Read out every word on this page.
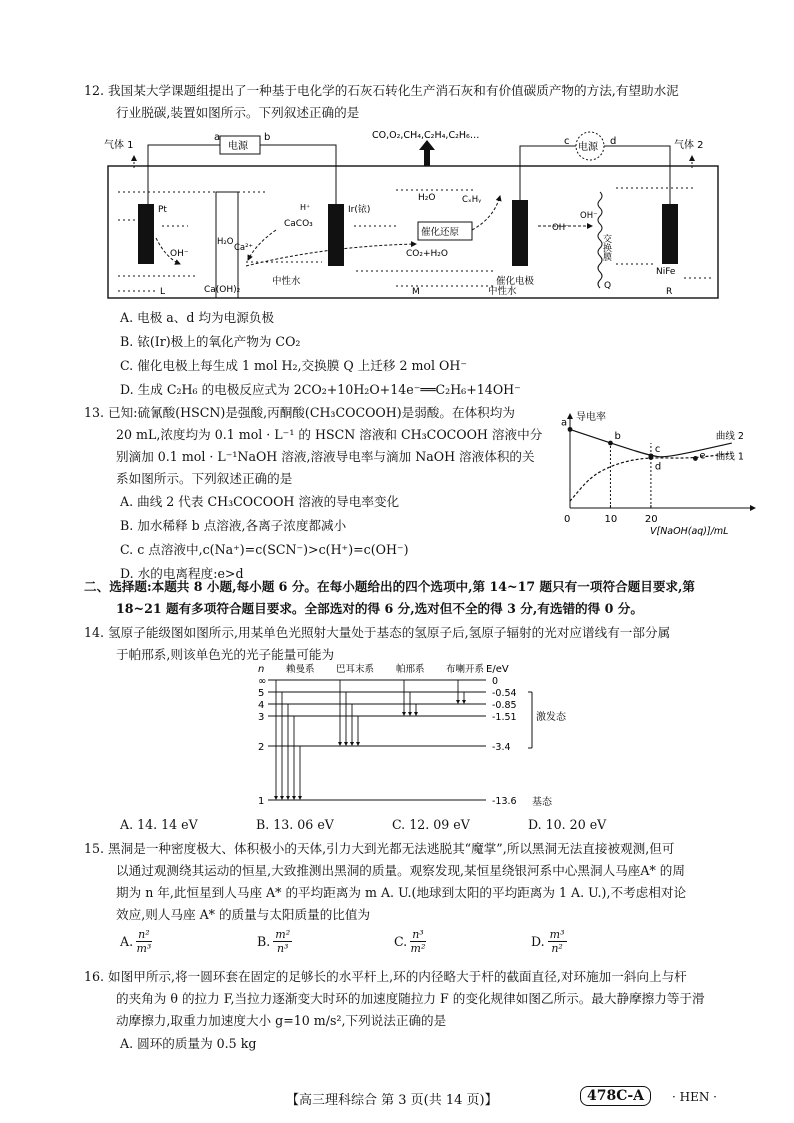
12. 我国某大学课题组提出了一种基于电化学的石灰石转化生产消石灰和有价值碳质产物的方法,有望助水泥

行业脱碳,装置如图所示。下列叙述正确的是

CO,O₂,CH₄,C₂H₄,C₂H₆…
电源
a	b
气体 1
Pt
OH⁻
L
H₂O
Ca(OH)₂
Ir(铱)
H⁺
CaCO₃
Ca²⁺
中性水
H₂O
催化还原
CO₂+H₂O
CₓHᵧ
M
催化电极
中性水
OH⁻
OH⁻
交换膜
Q
电源
c	d
NiFe
R
气体 2

A. 电极 a、d 均为电源负极

B. 铱(Ir)极上的氧化产物为 CO₂

C. 催化电极上每生成 1 mol H₂,交换膜 Q 上迁移 2 mol OH⁻

D. 生成 C₂H₆ 的电极反应式为 2CO₂+10H₂O+14e⁻══C₂H₆+14OH⁻

13. 已知:硫氰酸(HSCN)是强酸,丙酮酸(CH₃COCOOH)是弱酸。在体积均为

20 mL,浓度均为 0.1 mol · L⁻¹ 的 HSCN 溶液和 CH₃COCOOH 溶液中分

别滴加 0.1 mol · L⁻¹NaOH 溶液,溶液导电率与滴加 NaOH 溶液体积的关

系如图所示。下列叙述正确的是

A. 曲线 2 代表 CH₃COCOOH 溶液的导电率变化

B. 加水稀释 b 点溶液,各离子浓度都减小

C. c 点溶液中,c(Na⁺)=c(SCN⁻)>c(H⁺)=c(OH⁻)

D. 水的电离程度:e>d

导电率
0
V[NaOH(aq)]/mL
10	20
曲线 2
曲线 1
a
b
c
d
e

二、选择题:本题共 8 小题,每小题 6 分。在每小题给出的四个选项中,第 14~17 题只有一项符合题目要求,第

18~21 题有多项符合题目要求。全部选对的得 6 分,选对但不全的得 3 分,有选错的得 0 分。

14. 氢原子能级图如图所示,用某单色光照射大量处于基态的氢原子后,氢原子辐射的光对应谱线有一部分属

于帕邢系,则该单色光的光子能量可能为

n	E/eV
赖曼系 巴耳末系 帕邢系 布喇开系
∞	0
5	-0.54
4	-0.85
3	-1.51
2	-3.4
1	-13.6
激发态
基态
A. 14. 14 eV	B. 13. 06 eV	C. 12. 09 eV	D. 10. 20 eV

15. 黑洞是一种密度极大、体积极小的天体,引力大到光都无法逃脱其“魔掌”,所以黑洞无法直接被观测,但可

以通过观测绕其运动的恒星,大致推测出黑洞的质量。观察发现,某恒星绕银河系中心黑洞人马座A* 的周

期为 n 年,此恒星到人马座 A* 的平均距离为 m A. U.(地球到太阳的平均距离为 1 A. U.),不考虑相对论

效应,则人马座 A* 的质量与太阳质量的比值为

A. $\frac{\text{n²}}{\text{m³}}$	B. $\frac{\text{m²}}{\text{n³}}$	C. $\frac{\text{n³}}{\text{m²}}$	D. $\frac{\text{m³}}{\text{n²}}$

16. 如图甲所示,将一圆环套在固定的足够长的水平杆上,环的内径略大于杆的截面直径,对环施加一斜向上与杆

的夹角为 θ 的拉力 F,当拉力逐渐变大时环的加速度随拉力 F 的变化规律如图乙所示。最大静摩擦力等于滑

动摩擦力,取重力加速度大小 g=10 m/s²,下列说法正确的是

A. 圆环的质量为 0.5 kg

【高三理科综合 第 3 页(共 14 页)】	478C-A	· HEN ·
